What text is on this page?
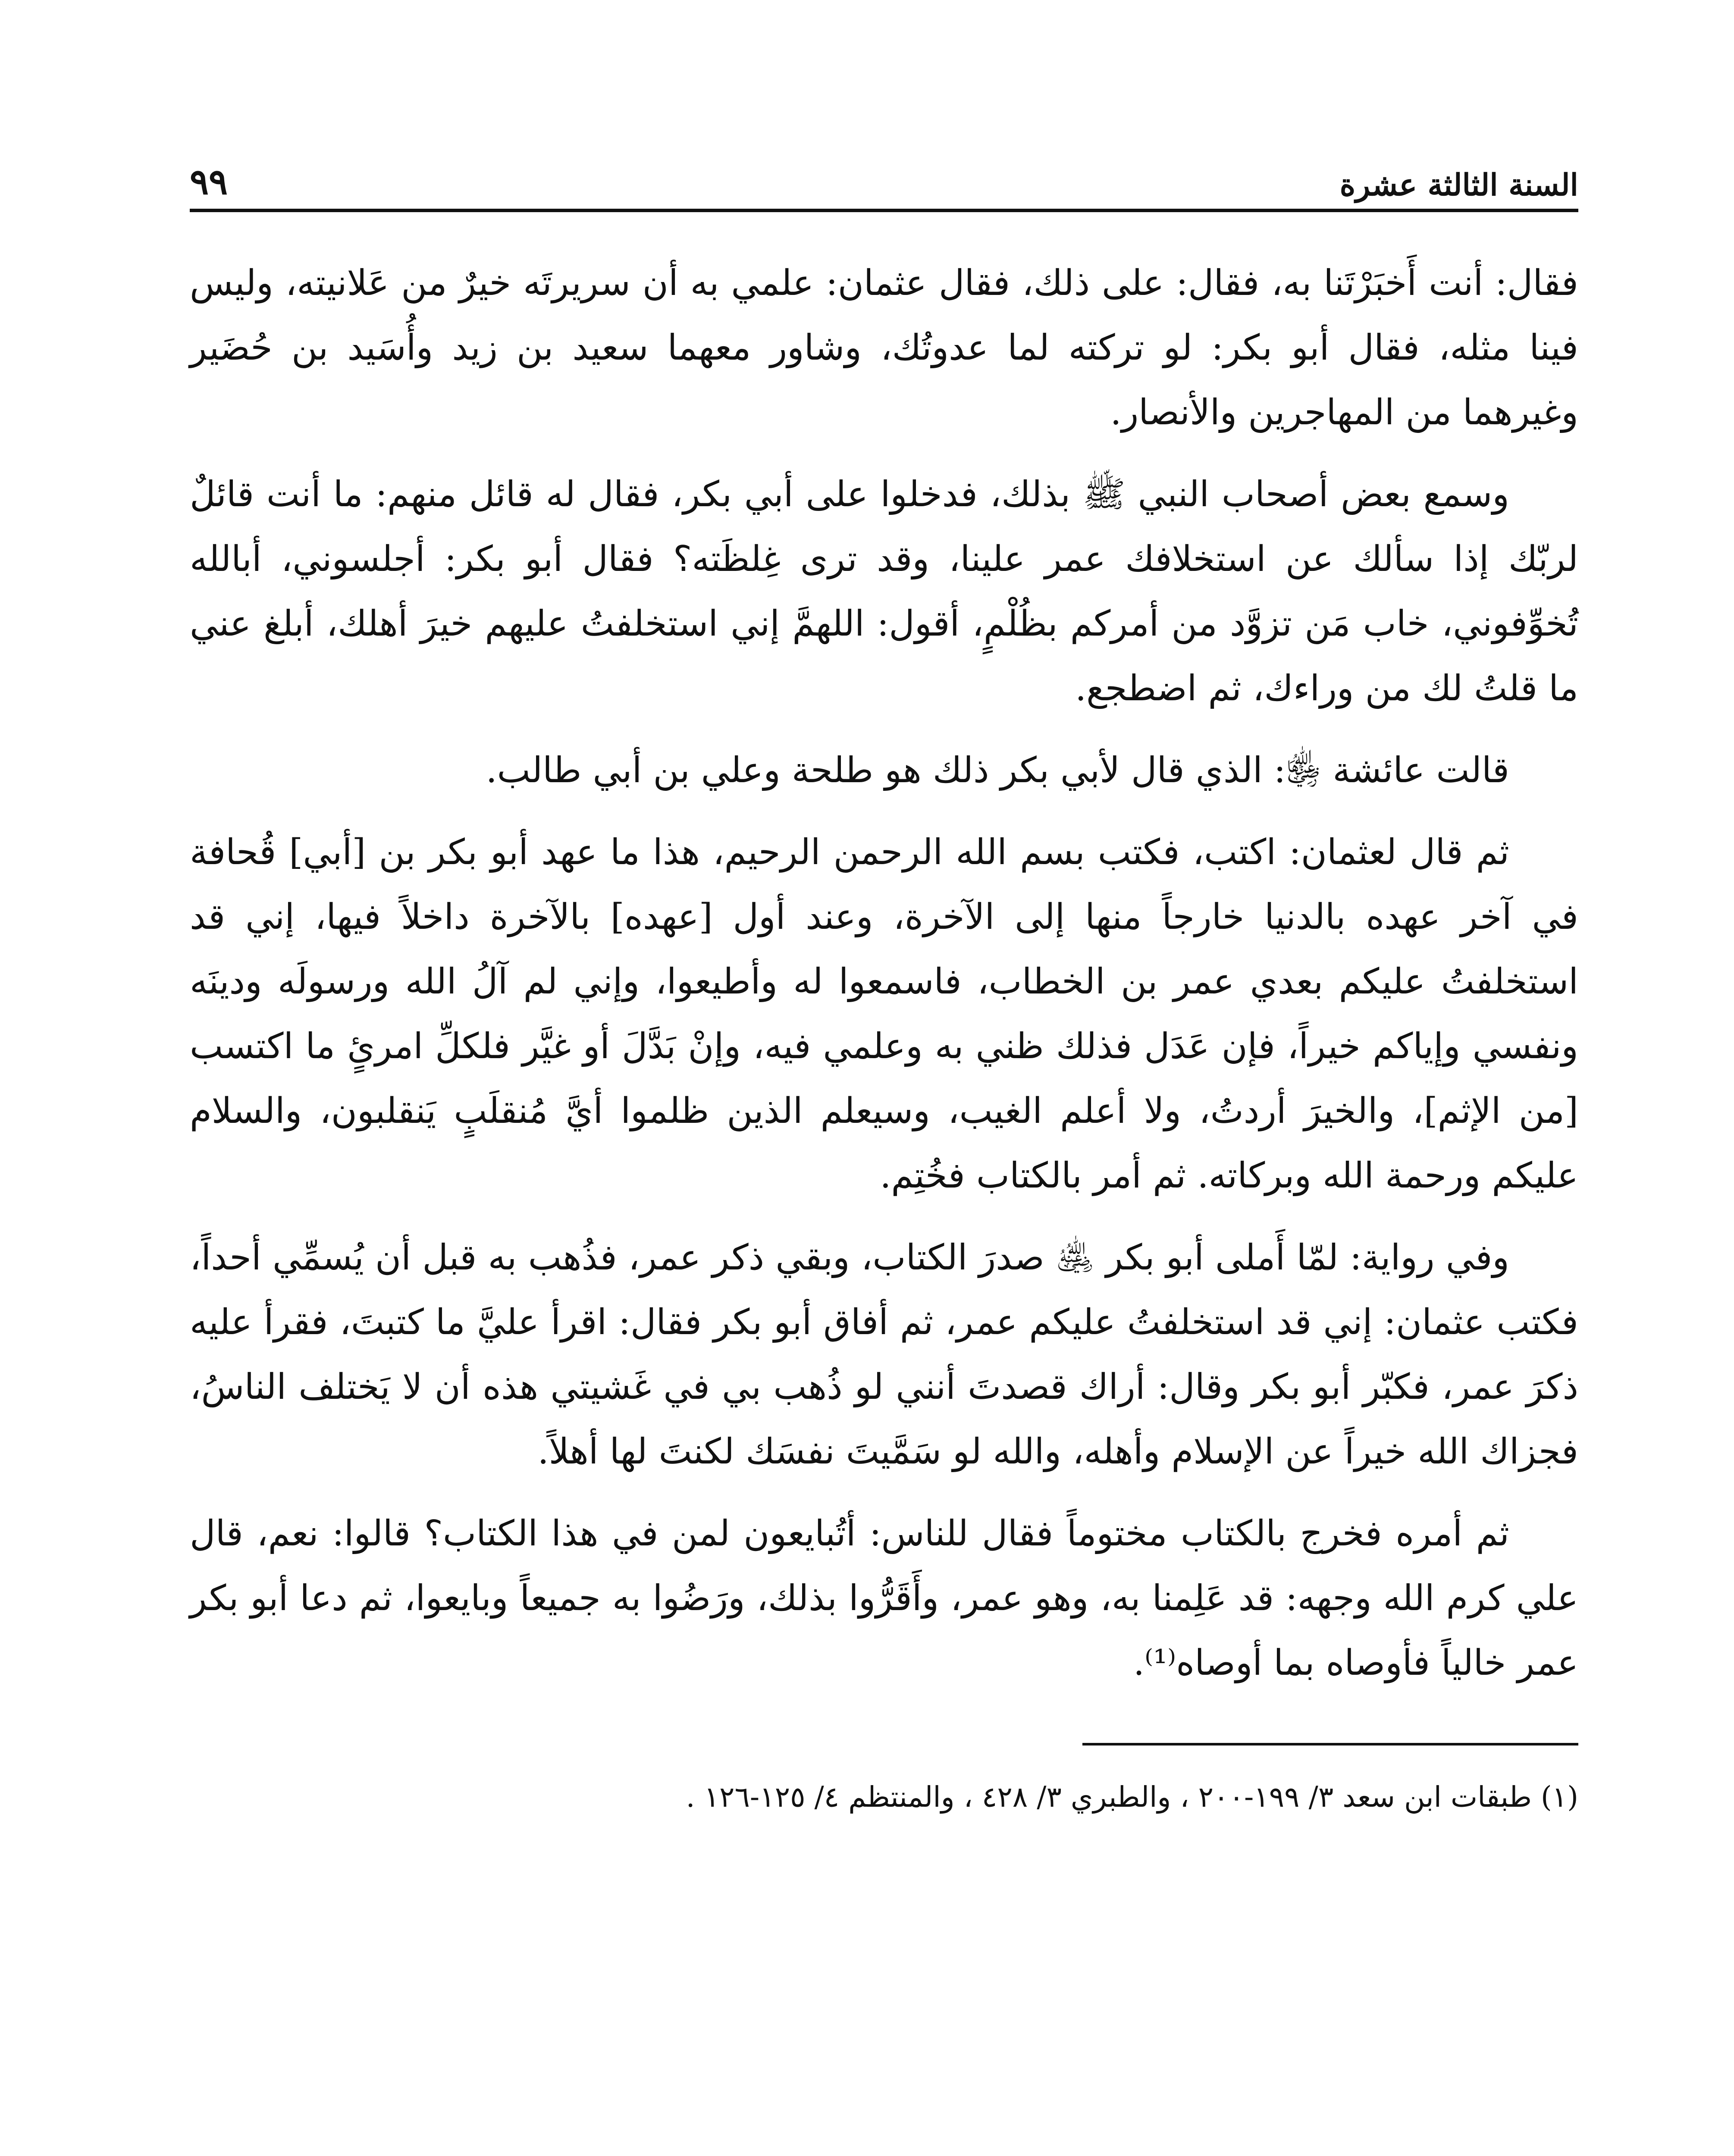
السنة الثالثة عشرة
٩٩

فقال: أنت أَخبَرْتَنا به، فقال: على ذلك، فقال عثمان: علمي به أن سريرتَه خيرٌ من عَلانيته، وليس فينا مثله، فقال أبو بكر: لو تركته لما عدوتُك، وشاور معهما سعيد بن زيد وأُسَيد بن حُضَير وغيرهما من المهاجرين والأنصار.

وسمع بعض أصحاب النبي ﷺ بذلك، فدخلوا على أبي بكر، فقال له قائل منهم: ما أنت قائلٌ لربّك إذا سألك عن استخلافك عمر علينا، وقد ترى غِلظَته؟ فقال أبو بكر: أجلسوني، أبالله تُخوِّفوني، خاب مَن تزوَّد من أمركم بظُلْمٍ، أقول: اللهمَّ إني استخلفتُ عليهم خيرَ أهلك، أبلغ عني ما قلتُ لك من وراءك، ثم اضطجع.

قالت عائشة ﵂: الذي قال لأبي بكر ذلك هو طلحة وعلي بن أبي طالب.

ثم قال لعثمان: اكتب، فكتب بسم الله الرحمن الرحيم، هذا ما عهد أبو بكر بن [أبي] قُحافة في آخر عهده بالدنيا خارجاً منها إلى الآخرة، وعند أول [عهده] بالآخرة داخلاً فيها، إني قد استخلفتُ عليكم بعدي عمر بن الخطاب، فاسمعوا له وأطيعوا، وإني لم آلُ الله ورسولَه ودينَه ونفسي وإياكم خيراً، فإن عَدَل فذلك ظني به وعلمي فيه، وإنْ بَدَّلَ أو غيَّر فلكلِّ امرئٍ ما اكتسب [من الإثم]، والخيرَ أردتُ، ولا أعلم الغيب، وسيعلم الذين ظلموا أيَّ مُنقلَبٍ يَنقلبون، والسلام عليكم ورحمة الله وبركاته. ثم أمر بالكتاب فخُتِم.

وفي رواية: لمّا أَملى أبو بكر ﵁ صدرَ الكتاب، وبقي ذكر عمر، فذُهب به قبل أن يُسمِّي أحداً، فكتب عثمان: إني قد استخلفتُ عليكم عمر، ثم أفاق أبو بكر فقال: اقرأ عليَّ ما كتبتَ، فقرأ عليه ذكرَ عمر، فكبّر أبو بكر وقال: أراك قصدتَ أنني لو ذُهب بي في غَشيتي هذه أن لا يَختلف الناسُ، فجزاك الله خيراً عن الإسلام وأهله، والله لو سَمَّيتَ نفسَك لكنتَ لها أهلاً.

ثم أمره فخرج بالكتاب مختوماً فقال للناس: أتُبايعون لمن في هذا الكتاب؟ قالوا: نعم، قال علي كرم الله وجهه: قد عَلِمنا به، وهو عمر، وأَقَرُّوا بذلك، ورَضُوا به جميعاً وبايعوا، ثم دعا أبو بكر عمر خالياً فأوصاه بما أوصاه⁽¹⁾.

(١) طبقات ابن سعد ٣/ ١٩٩-٢٠٠ ، والطبري ٣/ ٤٢٨ ، والمنتظم ٤/ ١٢٥-١٢٦ .
